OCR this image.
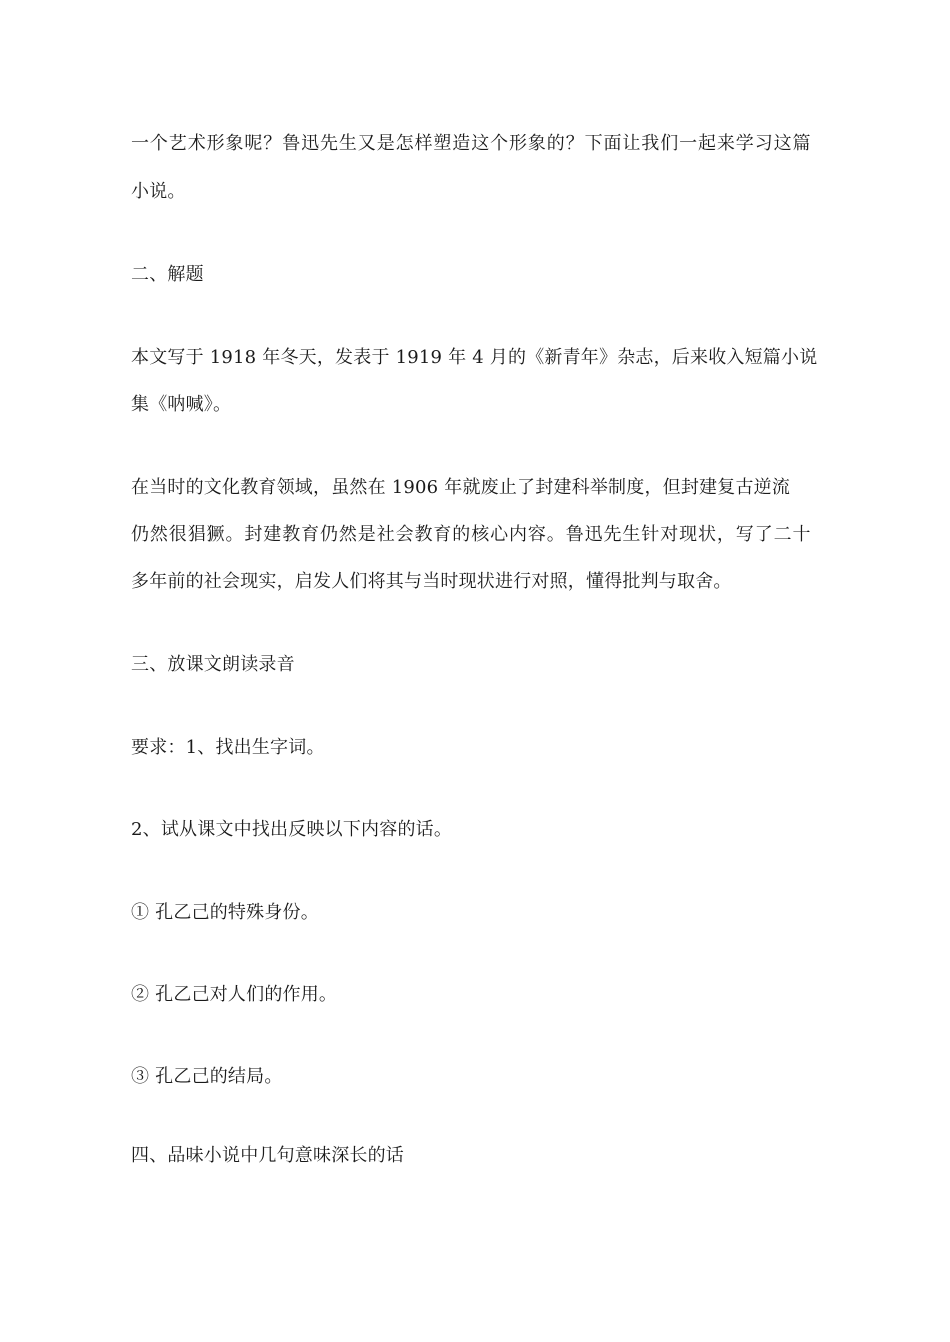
一个艺术形象呢？鲁迅先生又是怎样塑造这个形象的？下面让我们一起来学习这篇
小说。
二、解题
本文写于 1918 年冬天，发表于 1919 年 4 月的《新青年》杂志，后来收入短篇小说
集《呐喊》。
在当时的文化教育领域，虽然在 1906 年就废止了封建科举制度，但封建复古逆流
仍然很猖獗。封建教育仍然是社会教育的核心内容。鲁迅先生针对现状，写了二十
多年前的社会现实，启发人们将其与当时现状进行对照，懂得批判与取舍。
三、放课文朗读录音
要求：1、找出生字词。
2、试从课文中找出反映以下内容的话。
① 孔乙己的特殊身份。
② 孔乙己对人们的作用。
③ 孔乙己的结局。
四、品味小说中几句意味深长的话
